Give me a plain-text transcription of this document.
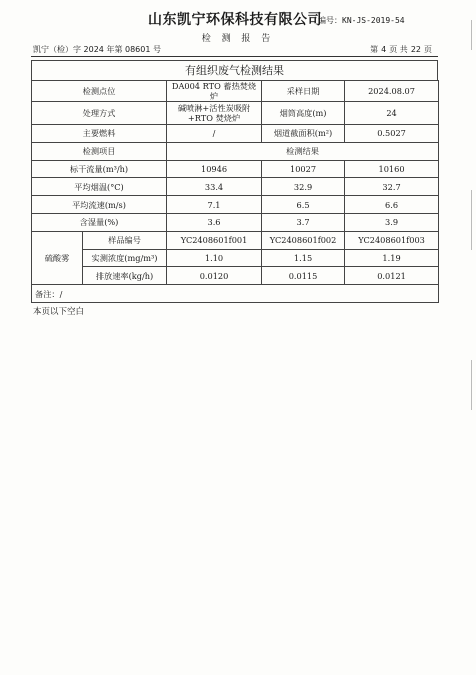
山东凯宁环保科技有限公司
编号：KN-JS-2019-54
检 测 报 告
凯宁（检）字 2024 年第 08601 号	第 4 页 共 22 页
有组织废气检测结果
检测点位		DA004 RTO 蓄热焚烧炉	采样日期	2024.08.07
处理方式		碱喷淋+活性炭吸附+RTO 焚烧炉	烟筒高度(m)	24
主要燃料		/	烟道截面积(m²)	0.5027
检测项目		检测结果		
标干流量(m³/h)		10946	10027	10160
平均烟温(°C)		33.4	32.9	32.7
平均流速(m/s)		7.1	6.5	6.6
含湿量(%)		3.6	3.7	3.9
硫酸雾	样品编号	YC2408601f001	YC2408601f002	YC2408601f003
	实测浓度(mg/m³)	1.10	1.15	1.19
	排放速率(kg/h)	0.0120	0.0115	0.0121
备注：/				
本页以下空白
